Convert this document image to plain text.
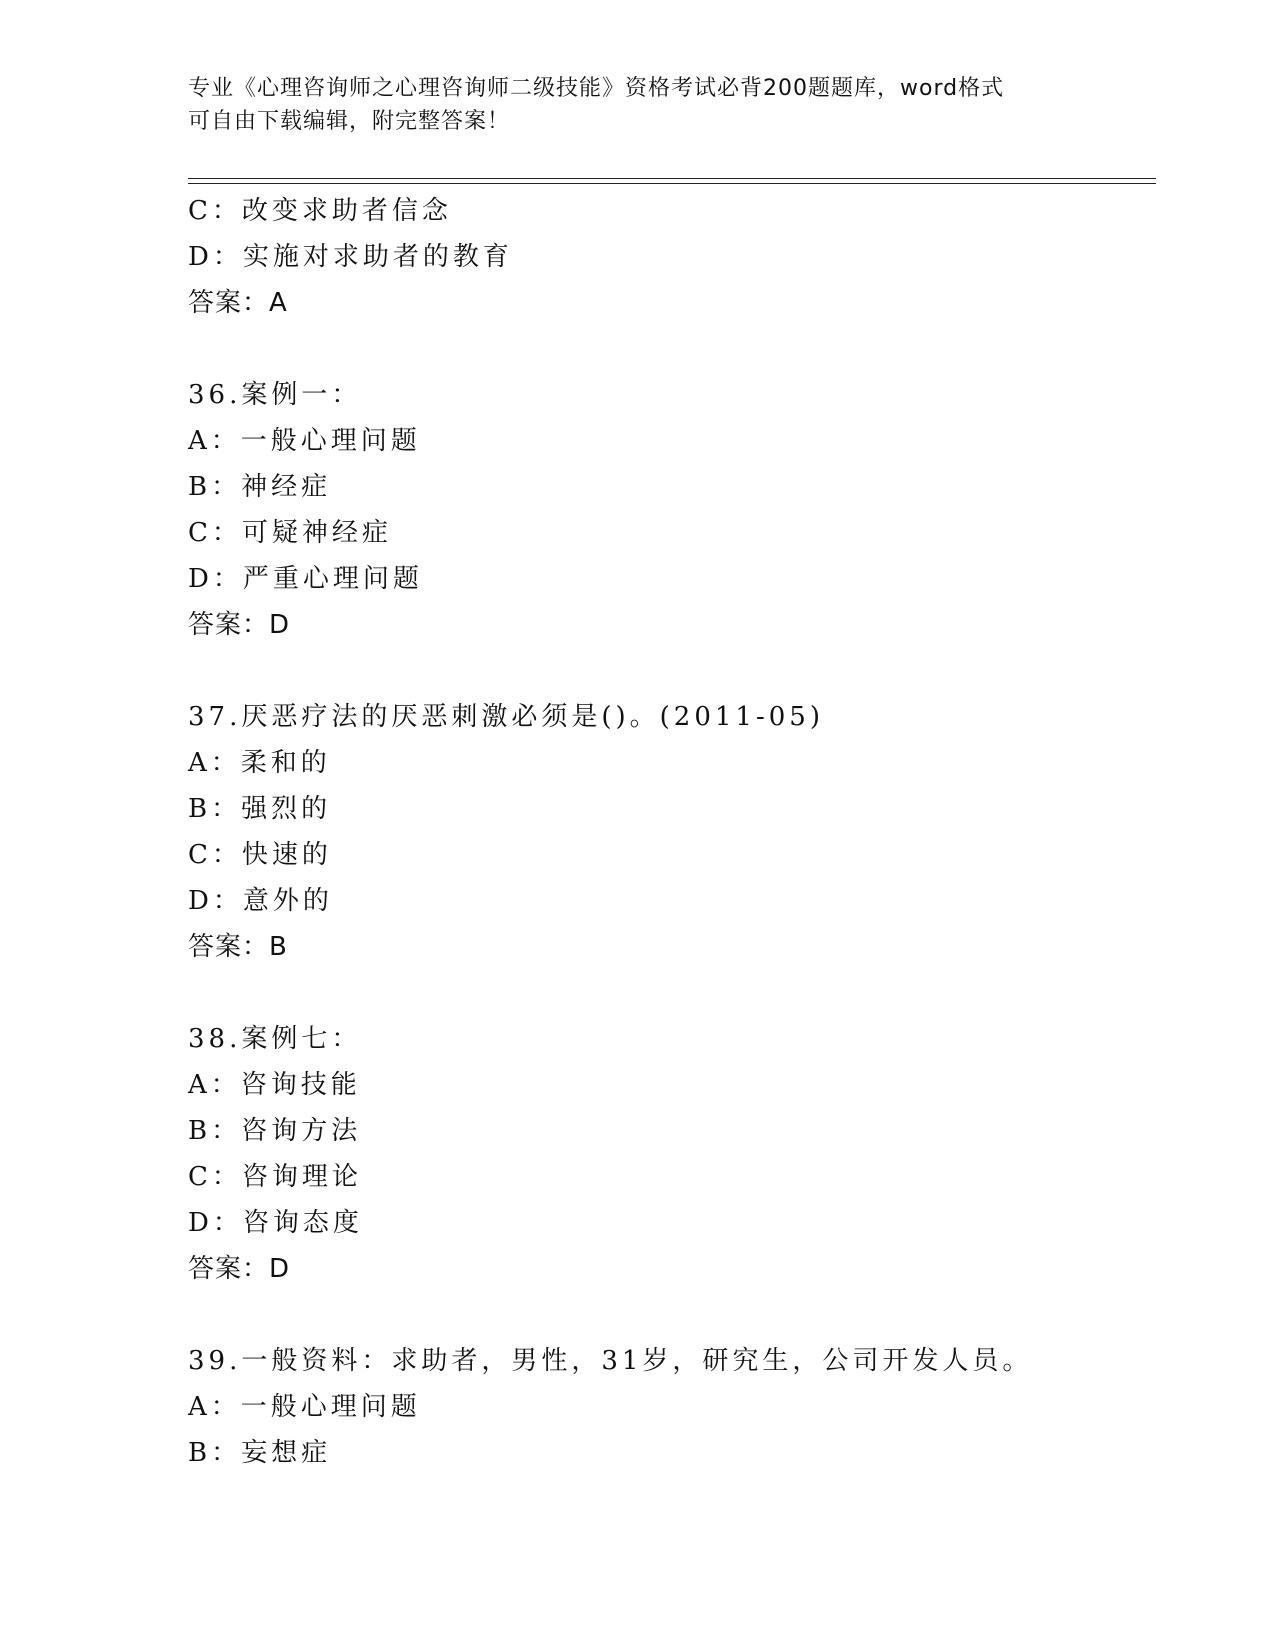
专业《心理咨询师之心理咨询师二级技能》资格考试必背200题题库，word格式
可自由下载编辑，附完整答案！
C：改变求助者信念
D：实施对求助者的教育
答案：A
36.案例一：
A：一般心理问题
B：神经症
C：可疑神经症
D：严重心理问题
答案：D
37.厌恶疗法的厌恶刺激必须是()。(2011-05)
A：柔和的
B：强烈的
C：快速的
D：意外的
答案：B
38.案例七：
A：咨询技能
B：咨询方法
C：咨询理论
D：咨询态度
答案：D
39.一般资料：求助者，男性，31岁，研究生，公司开发人员。
A：一般心理问题
B：妄想症
